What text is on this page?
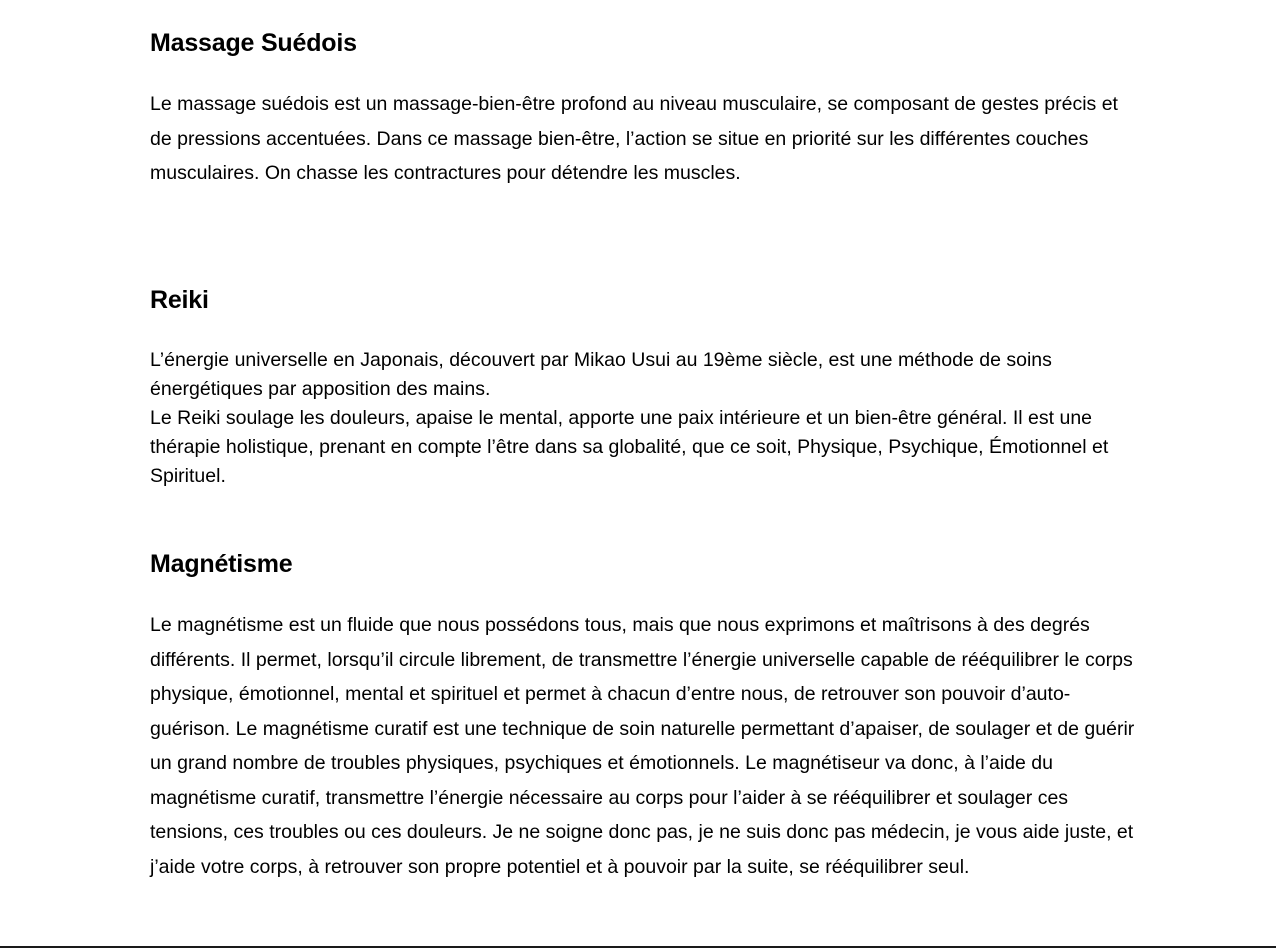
Massage Suédois

Le massage suédois est un massage-bien-être profond au niveau musculaire, se composant de gestes précis et de pressions accentuées. Dans ce massage bien-être, l’action se situe en priorité sur les différentes couches musculaires. On chasse les contractures pour détendre les muscles.

Reiki

L’énergie universelle en Japonais, découvert par Mikao Usui au 19ème siècle, est une méthode de soins énergétiques par apposition des mains.
Le Reiki soulage les douleurs, apaise le mental, apporte une paix intérieure et un bien-être général. Il est une thérapie holistique, prenant en compte l’être dans sa globalité, que ce soit, Physique, Psychique, Émotionnel et Spirituel.

Magnétisme

Le magnétisme est un fluide que nous possédons tous, mais que nous exprimons et maîtrisons à des degrés différents. Il permet, lorsqu’il circule librement, de transmettre l’énergie universelle capable de rééquilibrer le corps physique, émotionnel, mental et spirituel et permet à chacun d’entre nous, de retrouver son pouvoir d’auto-guérison. Le magnétisme curatif est une technique de soin naturelle permettant d’apaiser, de soulager et de guérir un grand nombre de troubles physiques, psychiques et émotionnels. Le magnétiseur va donc, à l’aide du magnétisme curatif, transmettre l’énergie nécessaire au corps pour l’aider à se rééquilibrer et soulager ces tensions, ces troubles ou ces douleurs. Je ne soigne donc pas, je ne suis donc pas médecin, je vous aide juste, et j’aide votre corps, à retrouver son propre potentiel et à pouvoir par la suite, se rééquilibrer seul.
